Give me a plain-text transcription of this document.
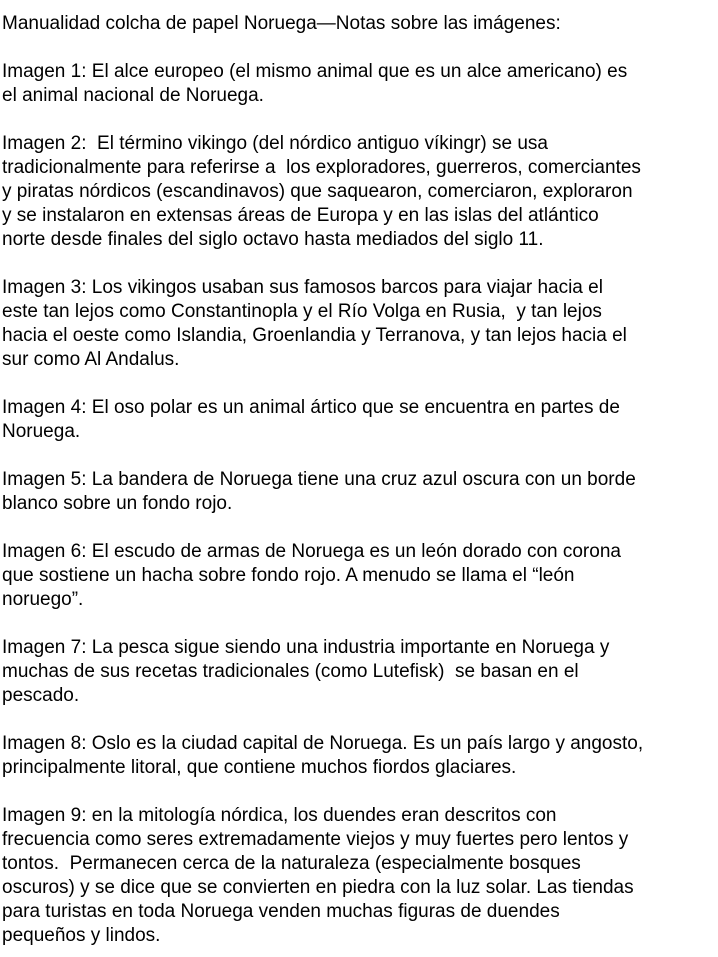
Manualidad colcha de papel Noruega—Notas sobre las imágenes:
Imagen 1: El alce europeo (el mismo animal que es un alce americano) es
el animal nacional de Noruega.
Imagen 2:  El término vikingo (del nórdico antiguo víkingr) se usa
tradicionalmente para referirse a  los exploradores, guerreros, comerciantes
y piratas nórdicos (escandinavos) que saquearon, comerciaron, exploraron
y se instalaron en extensas áreas de Europa y en las islas del atlántico
norte desde finales del siglo octavo hasta mediados del siglo 11.
Imagen 3: Los vikingos usaban sus famosos barcos para viajar hacia el
este tan lejos como Constantinopla y el Río Volga en Rusia,  y tan lejos
hacia el oeste como Islandia, Groenlandia y Terranova, y tan lejos hacia el
sur como Al Andalus.
Imagen 4: El oso polar es un animal ártico que se encuentra en partes de
Noruega.
Imagen 5: La bandera de Noruega tiene una cruz azul oscura con un borde
blanco sobre un fondo rojo.
Imagen 6: El escudo de armas de Noruega es un león dorado con corona
que sostiene un hacha sobre fondo rojo. A menudo se llama el “león
noruego”.
Imagen 7: La pesca sigue siendo una industria importante en Noruega y
muchas de sus recetas tradicionales (como Lutefisk)  se basan en el
pescado.
Imagen 8: Oslo es la ciudad capital de Noruega. Es un país largo y angosto,
principalmente litoral, que contiene muchos fiordos glaciares.
Imagen 9: en la mitología nórdica, los duendes eran descritos con
frecuencia como seres extremadamente viejos y muy fuertes pero lentos y
tontos.  Permanecen cerca de la naturaleza (especialmente bosques
oscuros) y se dice que se convierten en piedra con la luz solar. Las tiendas
para turistas en toda Noruega venden muchas figuras de duendes
pequeños y lindos.
